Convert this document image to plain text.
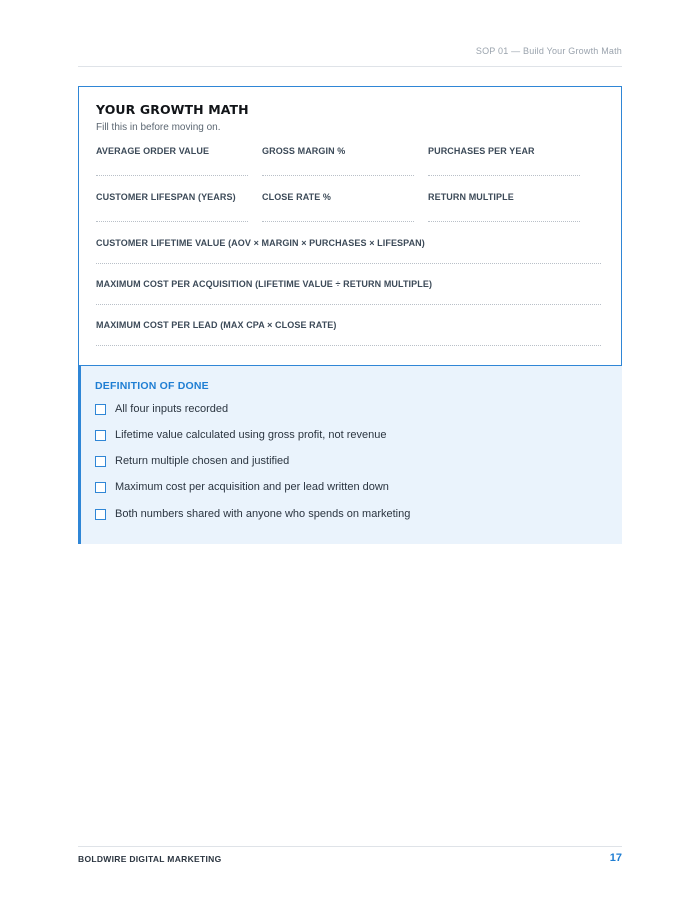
SOP 01 — Build Your Growth Math
YOUR GROWTH MATH
Fill this in before moving on.
AVERAGE ORDER VALUE	GROSS MARGIN %	PURCHASES PER YEAR
CUSTOMER LIFESPAN (YEARS)	CLOSE RATE %	RETURN MULTIPLE
CUSTOMER LIFETIME VALUE (AOV × MARGIN × PURCHASES × LIFESPAN)
MAXIMUM COST PER ACQUISITION (LIFETIME VALUE ÷ RETURN MULTIPLE)
MAXIMUM COST PER LEAD (MAX CPA × CLOSE RATE)
DEFINITION OF DONE
All four inputs recorded
Lifetime value calculated using gross profit, not revenue
Return multiple chosen and justified
Maximum cost per acquisition and per lead written down
Both numbers shared with anyone who spends on marketing
BOLDWIRE DIGITAL MARKETING	17
